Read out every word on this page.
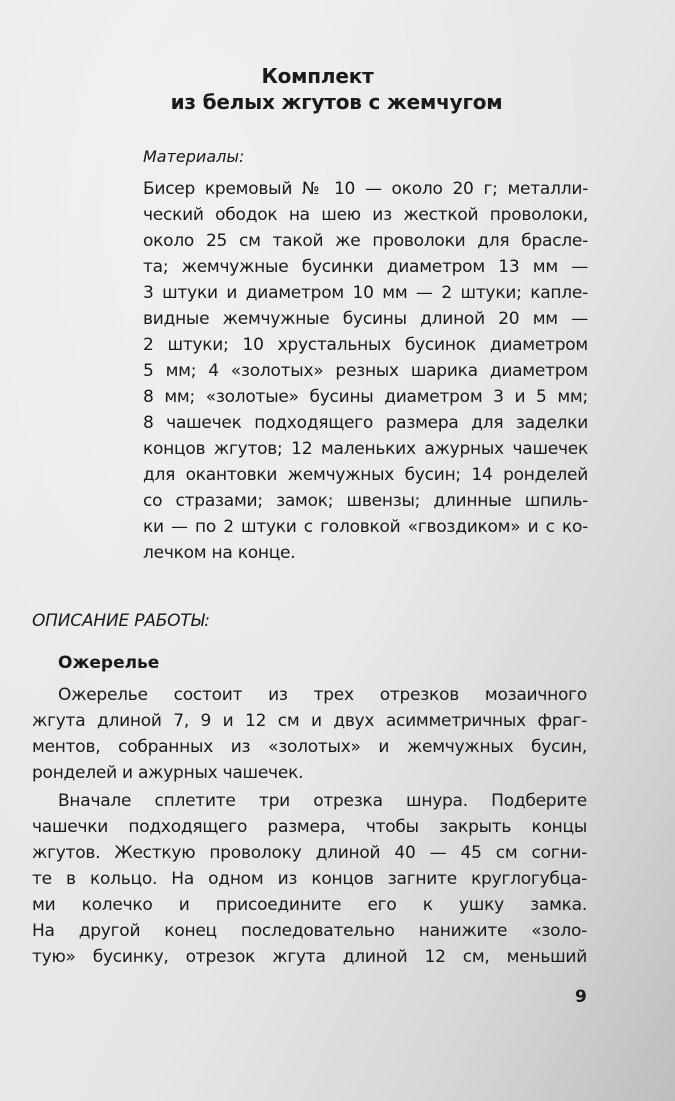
Комплект
из белых жгутов с жемчугом
Материалы:
Бисер кремовый № 10 — около 20 г; металли-
ческий ободок на шею из жесткой проволоки,
около 25 см такой же проволоки для брасле-
та; жемчужные бусинки диаметром 13 мм —
3 штуки и диаметром 10 мм — 2 штуки; капле-
видные жемчужные бусины длиной 20 мм —
2 штуки; 10 хрустальных бусинок диаметром
5 мм; 4 «золотых» резных шарика диаметром
8 мм; «золотые» бусины диаметром 3 и 5 мм;
8 чашечек подходящего размера для заделки
концов жгутов; 12 маленьких ажурных чашечек
для окантовки жемчужных бусин; 14 ронделей
со стразами; замок; швензы; длинные шпиль-
ки — по 2 штуки с головкой «гвоздиком» и с ко-
лечком на конце.
ОПИСАНИЕ РАБОТЫ:
Ожерелье
Ожерелье состоит из трех отрезков мозаичного
жгута длиной 7, 9 и 12 см и двух асимметричных фраг-
ментов, собранных из «золотых» и жемчужных бусин,
ронделей и ажурных чашечек.
Вначале сплетите три отрезка шнура. Подберите
чашечки подходящего размера, чтобы закрыть концы
жгутов. Жесткую проволоку длиной 40 — 45 см согни-
те в кольцо. На одном из концов загните круглогубца-
ми колечко и присоедините его к ушку замка.
На другой конец последовательно нанижите «золо-
тую» бусинку, отрезок жгута длиной 12 см, меньший
9
